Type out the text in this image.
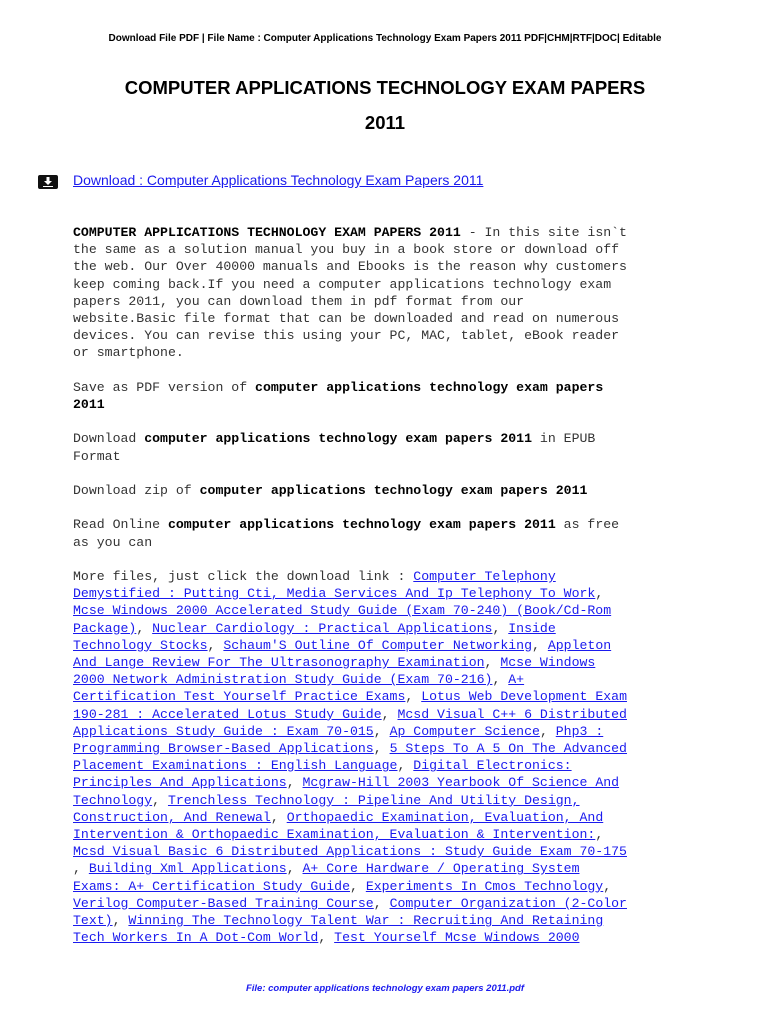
Download File PDF | File Name : Computer Applications Technology Exam Papers 2011 PDF|CHM|RTF|DOC| Editable
COMPUTER APPLICATIONS TECHNOLOGY EXAM PAPERS
2011
Download : Computer Applications Technology Exam Papers 2011

COMPUTER APPLICATIONS TECHNOLOGY EXAM PAPERS 2011 - In this site isn`t

the same as a solution manual you buy in a book store or download off

the web. Our Over 40000 manuals and Ebooks is the reason why customers

keep coming back.If you need a computer applications technology exam

papers 2011, you can download them in pdf format from our

website.Basic file format that can be downloaded and read on numerous

devices. You can revise this using your PC, MAC, tablet, eBook reader

or smartphone.

Save as PDF version of computer applications technology exam papers

2011

Download computer applications technology exam papers 2011 in EPUB

Format

Download zip of computer applications technology exam papers 2011

Read Online computer applications technology exam papers 2011 as free

as you can

More files, just click the download link : Computer Telephony

Demystified : Putting Cti, Media Services And Ip Telephony To Work,

Mcse Windows 2000 Accelerated Study Guide (Exam 70-240) (Book/Cd-Rom

Package), Nuclear Cardiology : Practical Applications, Inside

Technology Stocks, Schaum'S Outline Of Computer Networking, Appleton

And Lange Review For The Ultrasonography Examination, Mcse Windows

2000 Network Administration Study Guide (Exam 70-216), A+

Certification Test Yourself Practice Exams, Lotus Web Development Exam

190-281 : Accelerated Lotus Study Guide, Mcsd Visual C++ 6 Distributed

Applications Study Guide : Exam 70-015, Ap Computer Science, Php3 :

Programming Browser-Based Applications, 5 Steps To A 5 On The Advanced

Placement Examinations : English Language, Digital Electronics:

Principles And Applications, Mcgraw-Hill 2003 Yearbook Of Science And

Technology, Trenchless Technology : Pipeline And Utility Design,

Construction, And Renewal, Orthopaedic Examination, Evaluation, And

Intervention & Orthopaedic Examination, Evaluation & Intervention:,

Mcsd Visual Basic 6 Distributed Applications : Study Guide Exam 70-175

, Building Xml Applications, A+ Core Hardware / Operating System

Exams: A+ Certification Study Guide, Experiments In Cmos Technology,

Verilog Computer-Based Training Course, Computer Organization (2-Color

Text), Winning The Technology Talent War : Recruiting And Retaining

Tech Workers In A Dot-Com World, Test Yourself Mcse Windows 2000

File: computer applications technology exam papers 2011.pdf
